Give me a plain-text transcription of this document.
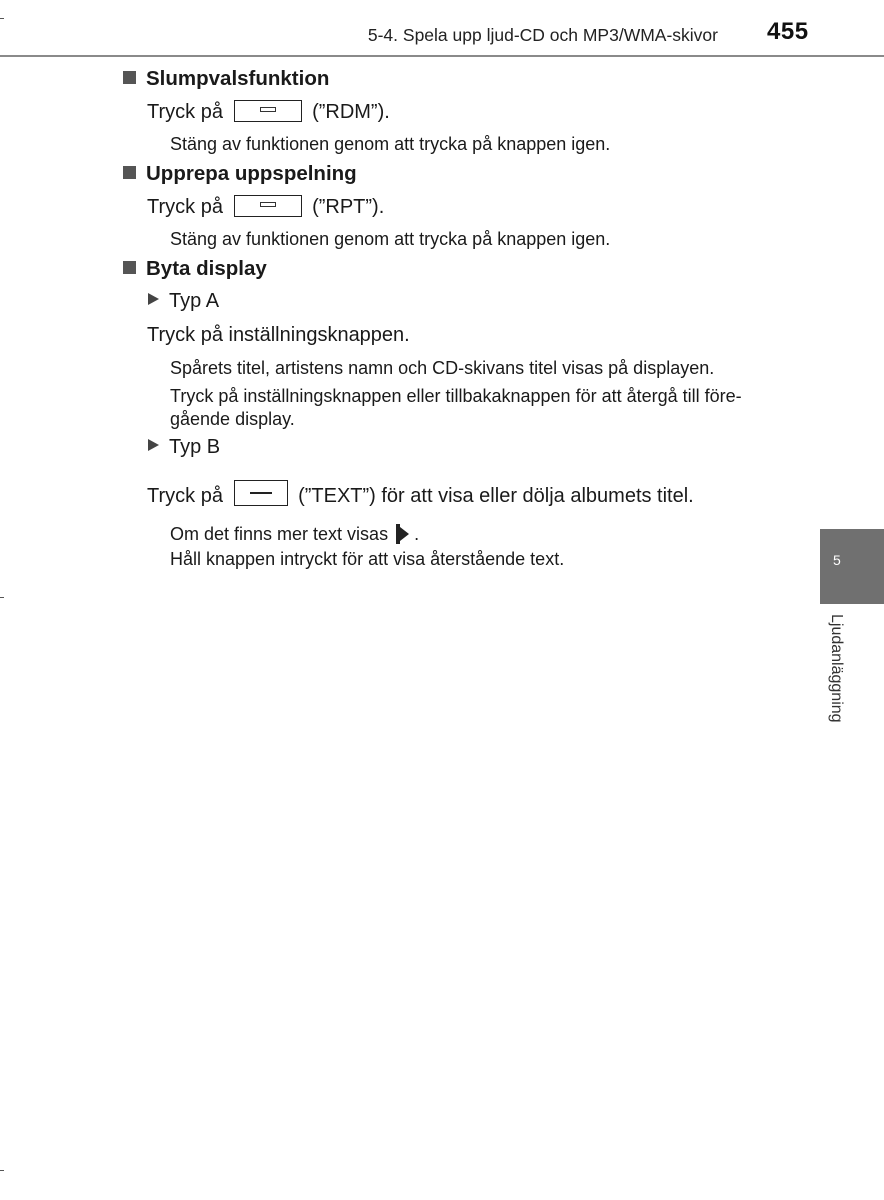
5-4. Spela upp ljud-CD och MP3/WMA-skivor 455
Slumpvalsfunktion
Tryck på	(”RDM”).
Stäng av funktionen genom att trycka på knappen igen.
Upprepa uppspelning
Tryck på	(”RPT”).
Stäng av funktionen genom att trycka på knappen igen.
Byta display
Typ A
Tryck på inställningsknappen.
Spårets titel, artistens namn och CD-skivans titel visas på displayen.
Tryck på inställningsknappen eller tillbakaknappen för att återgå till före-
gående display.
Typ B
Tryck på	(”TEXT”) för att visa eller dölja albumets titel.
Om det finns mer text visas .
Håll knappen intryckt för att visa återstående text.	5
Ljudanläggning
